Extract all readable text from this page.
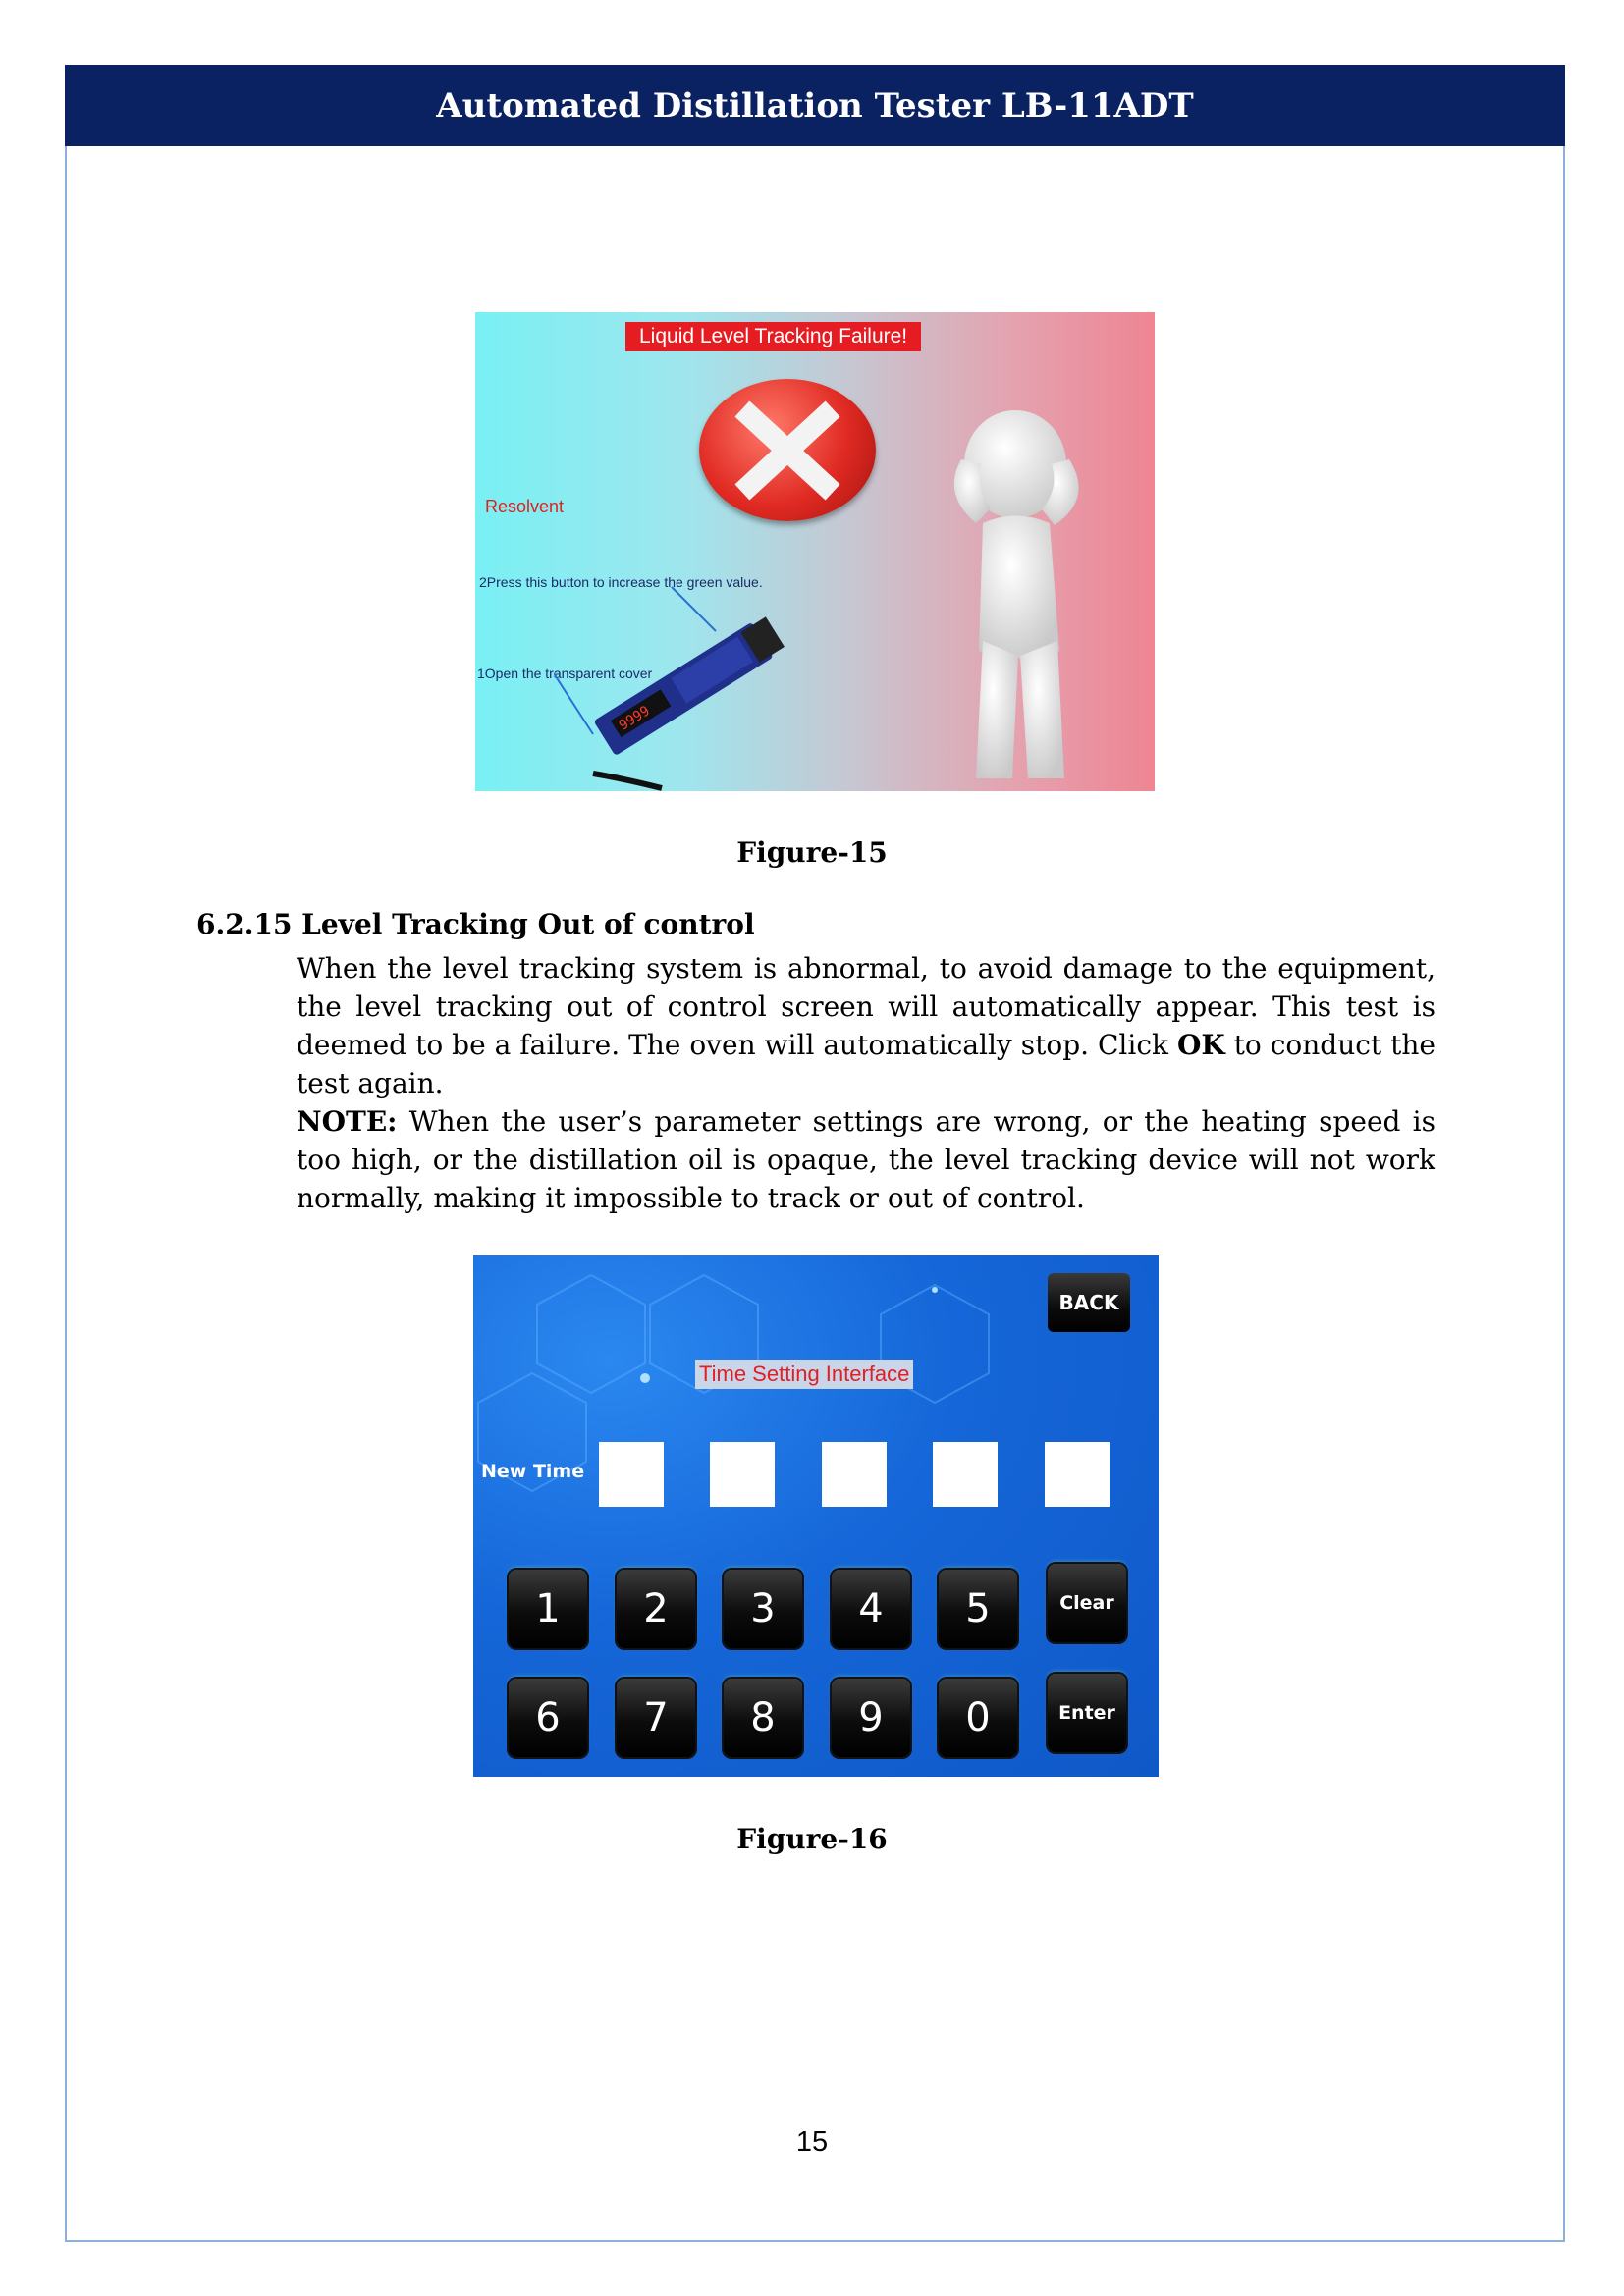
Automated Distillation Tester LB-11ADT
Liquid Level Tracking Failure!
Resolvent
2Press this button to increase the green value.
1Open the transparent cover
9999
Figure-15
6.2.15 Level Tracking Out of control
When the level tracking system is abnormal, to avoid damage to the equipment, the level tracking out of control screen will automatically appear. This test is deemed to be a failure. The oven will automatically stop. Click OK to conduct the test again.
NOTE: When the user’s parameter settings are wrong, or the heating speed is too high, or the distillation oil is opaque, the level tracking device will not work normally, making it impossible to track or out of control.
BACK
Time Setting Interface
New Time
1	2	3	4	5	Clear
6	7	8	9	0	Enter
Figure-16
15
